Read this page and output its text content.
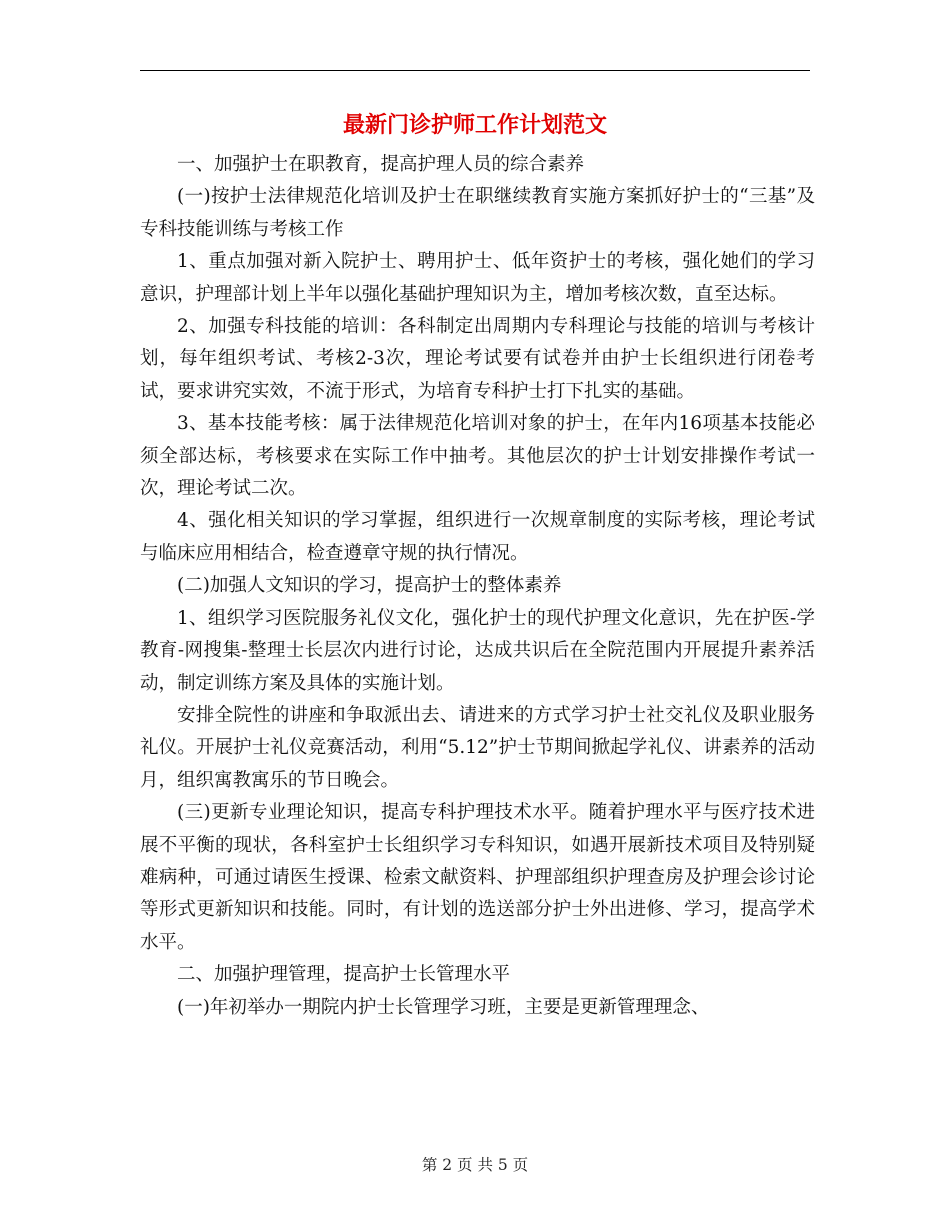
最新门诊护师工作计划范文

一、加强护士在职教育，提高护理人员的综合素养

(一)按护士法律规范化培训及护士在职继续教育实施方案抓好护士的“三基”及专科技能训练与考核工作

1、重点加强对新入院护士、聘用护士、低年资护士的考核，强化她们的学习意识，护理部计划上半年以强化基础护理知识为主，增加考核次数，直至达标。

2、加强专科技能的培训：各科制定出周期内专科理论与技能的培训与考核计划，每年组织考试、考核2-3次，理论考试要有试卷并由护士长组织进行闭卷考试，要求讲究实效，不流于形式，为培育专科护士打下扎实的基础。

3、基本技能考核：属于法律规范化培训对象的护士，在年内16项基本技能必须全部达标，考核要求在实际工作中抽考。其他层次的护士计划安排操作考试一次，理论考试二次。

4、强化相关知识的学习掌握，组织进行一次规章制度的实际考核，理论考试与临床应用相结合，检查遵章守规的执行情况。

(二)加强人文知识的学习，提高护士的整体素养

1、组织学习医院服务礼仪文化，强化护士的现代护理文化意识，先在护医-学教育-网搜集-整理士长层次内进行讨论，达成共识后在全院范围内开展提升素养活动，制定训练方案及具体的实施计划。

安排全院性的讲座和争取派出去、请进来的方式学习护士社交礼仪及职业服务礼仪。开展护士礼仪竞赛活动，利用“5.12”护士节期间掀起学礼仪、讲素养的活动月，组织寓教寓乐的节日晚会。

(三)更新专业理论知识，提高专科护理技术水平。随着护理水平与医疗技术进展不平衡的现状，各科室护士长组织学习专科知识，如遇开展新技术项目及特别疑难病种，可通过请医生授课、检索文献资料、护理部组织护理查房及护理会诊讨论等形式更新知识和技能。同时，有计划的选送部分护士外出进修、学习，提高学术水平。

二、加强护理管理，提高护士长管理水平

(一)年初举办一期院内护士长管理学习班，主要是更新管理理念、

第 2 页 共 5 页
